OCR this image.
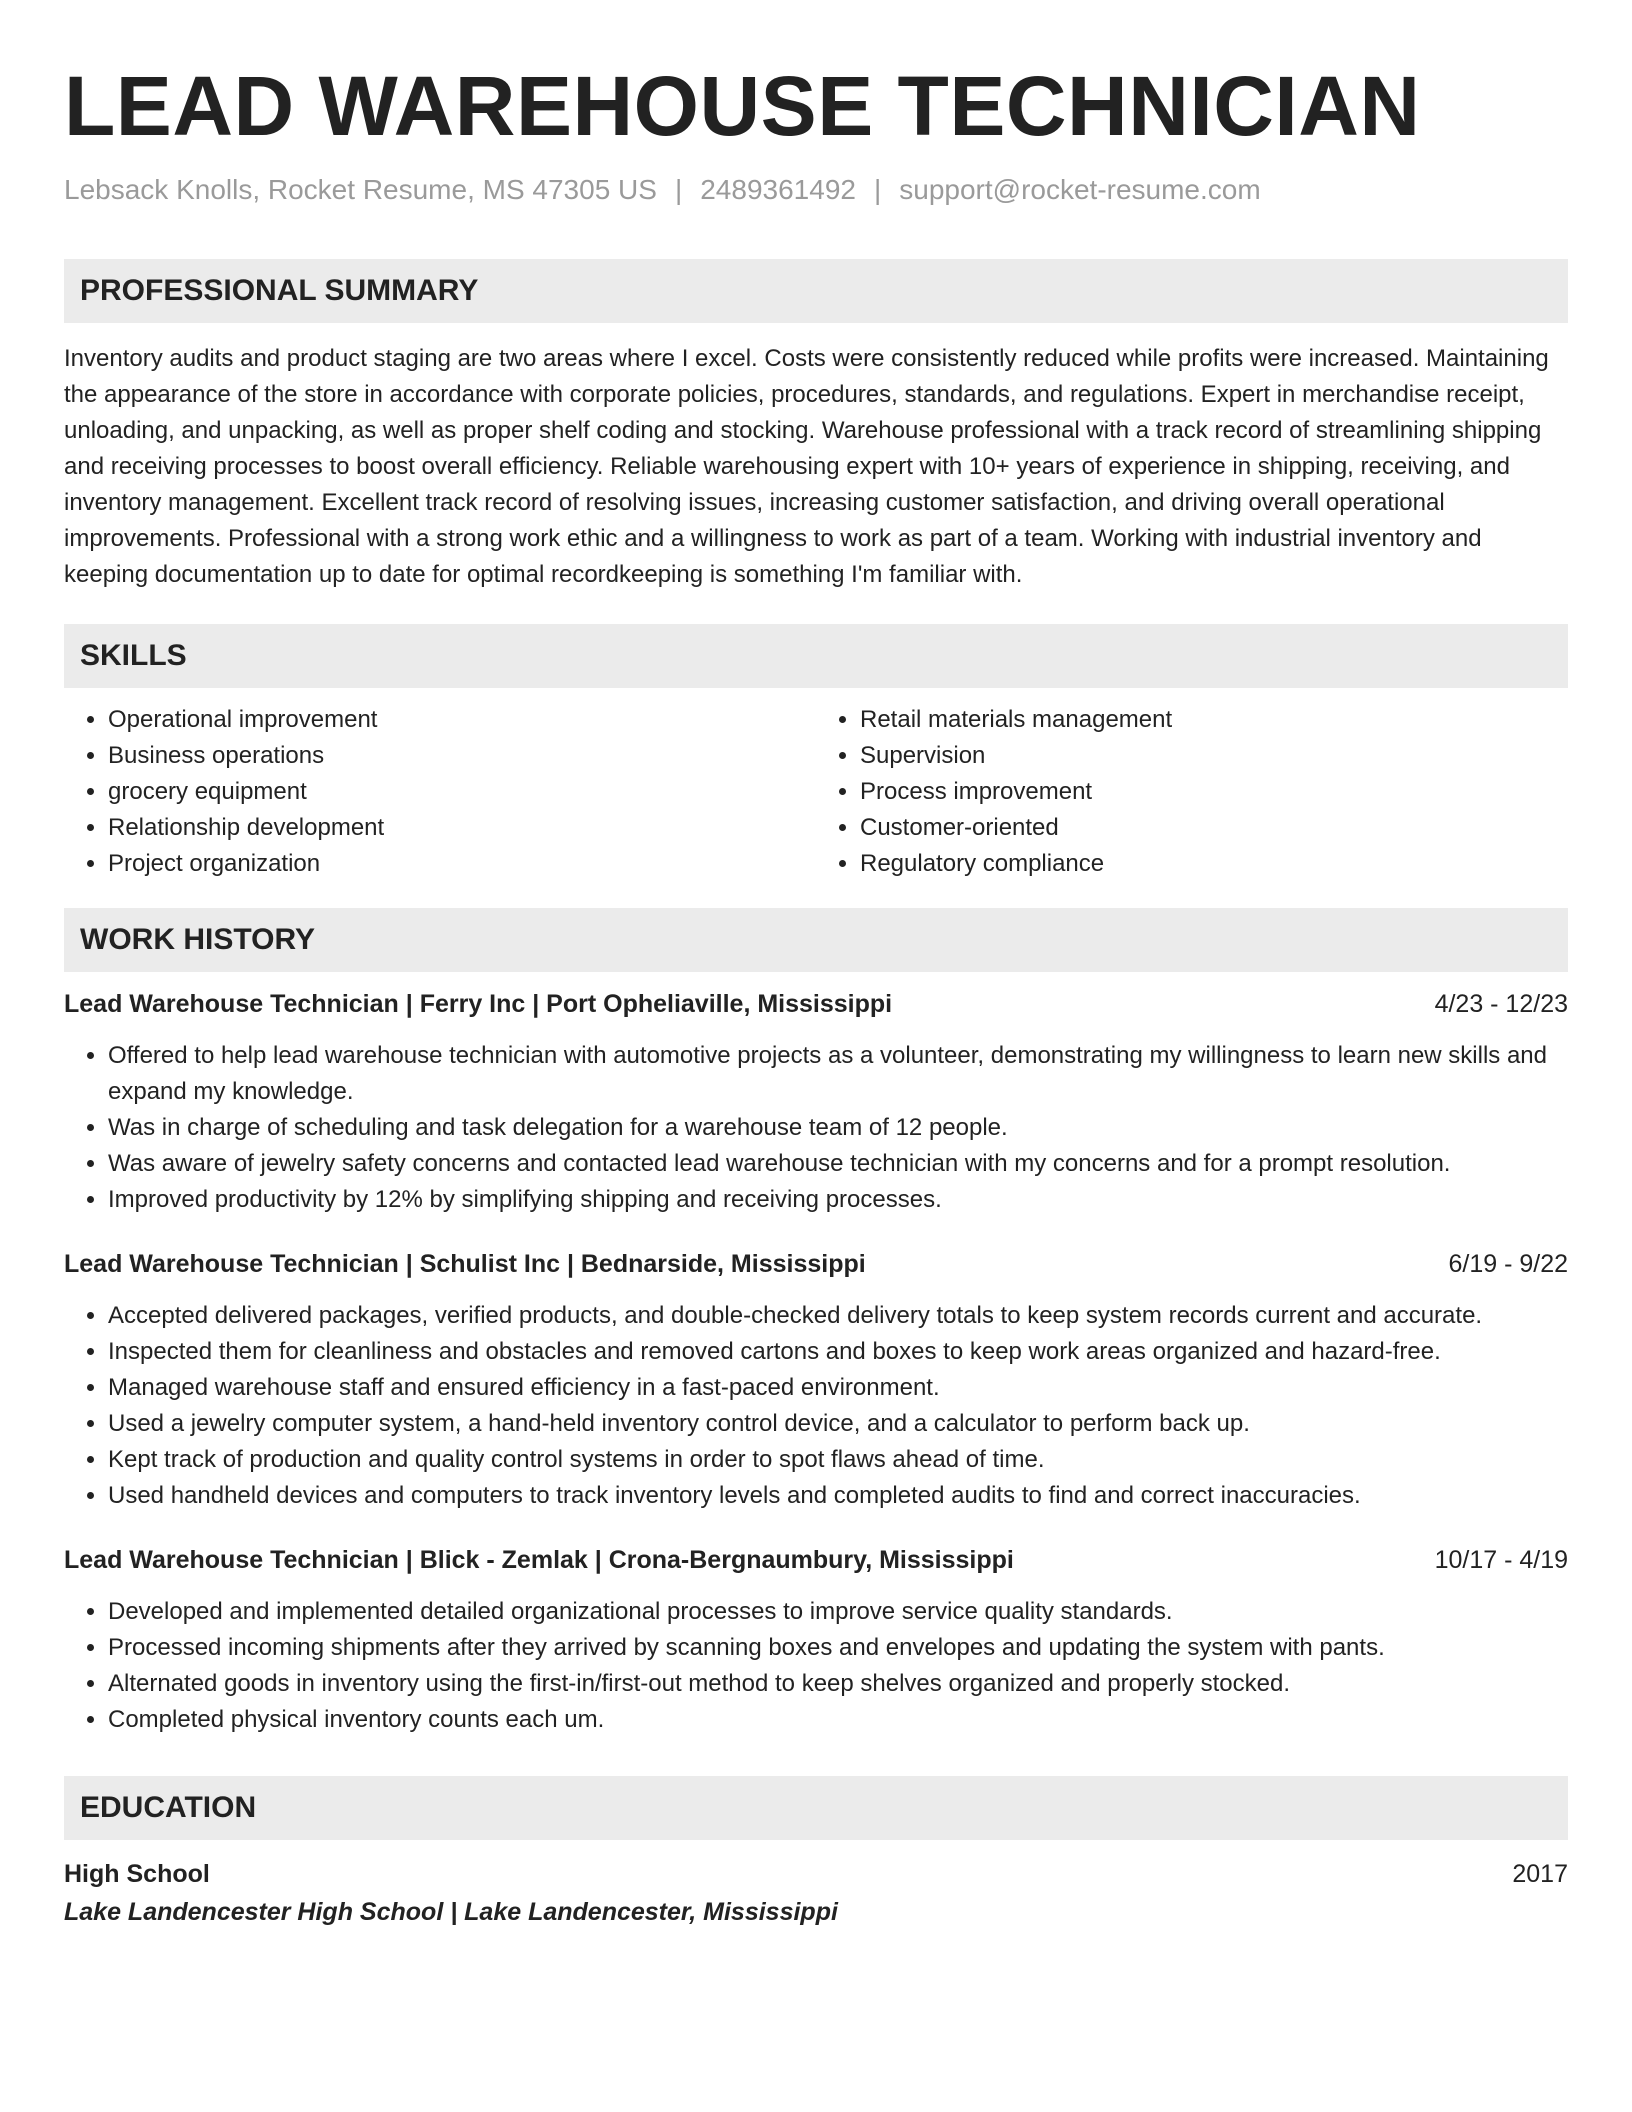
LEAD WAREHOUSE TECHNICIAN
Lebsack Knolls, Rocket Resume, MS 47305 US | 2489361492 | support@rocket-resume.com
PROFESSIONAL SUMMARY

Inventory audits and product staging are two areas where I excel. Costs were consistently reduced while profits were increased. Maintaining the appearance of the store in accordance with corporate policies, procedures, standards, and regulations. Expert in merchandise receipt, unloading, and unpacking, as well as proper shelf coding and stocking. Warehouse professional with a track record of streamlining shipping and receiving processes to boost overall efficiency. Reliable warehousing expert with 10+ years of experience in shipping, receiving, and inventory management. Excellent track record of resolving issues, increasing customer satisfaction, and driving overall operational improvements. Professional with a strong work ethic and a willingness to work as part of a team. Working with industrial inventory and keeping documentation up to date for optimal recordkeeping is something I'm familiar with.

SKILLS
• Operational improvement
• Business operations
• grocery equipment
• Relationship development
• Project organization
• Retail materials management
• Supervision
• Process improvement
• Customer-oriented
• Regulatory compliance
WORK HISTORY
Lead Warehouse Technician | Ferry Inc | Port Opheliaville, Mississippi	4/23 - 12/23
• Offered to help lead warehouse technician with automotive projects as a volunteer, demonstrating my willingness to learn new skills and expand my knowledge.
• Was in charge of scheduling and task delegation for a warehouse team of 12 people.
• Was aware of jewelry safety concerns and contacted lead warehouse technician with my concerns and for a prompt resolution.
• Improved productivity by 12% by simplifying shipping and receiving processes.
Lead Warehouse Technician | Schulist Inc | Bednarside, Mississippi	6/19 - 9/22
• Accepted delivered packages, verified products, and double-checked delivery totals to keep system records current and accurate.
• Inspected them for cleanliness and obstacles and removed cartons and boxes to keep work areas organized and hazard-free.
• Managed warehouse staff and ensured efficiency in a fast-paced environment.
• Used a jewelry computer system, a hand-held inventory control device, and a calculator to perform back up.
• Kept track of production and quality control systems in order to spot flaws ahead of time.
• Used handheld devices and computers to track inventory levels and completed audits to find and correct inaccuracies.
Lead Warehouse Technician | Blick - Zemlak | Crona-Bergnaumbury, Mississippi	10/17 - 4/19
• Developed and implemented detailed organizational processes to improve service quality standards.
• Processed incoming shipments after they arrived by scanning boxes and envelopes and updating the system with pants.
• Alternated goods in inventory using the first-in/first-out method to keep shelves organized and properly stocked.
• Completed physical inventory counts each um.
EDUCATION
High School	2017
Lake Landencester High School | Lake Landencester, Mississippi
